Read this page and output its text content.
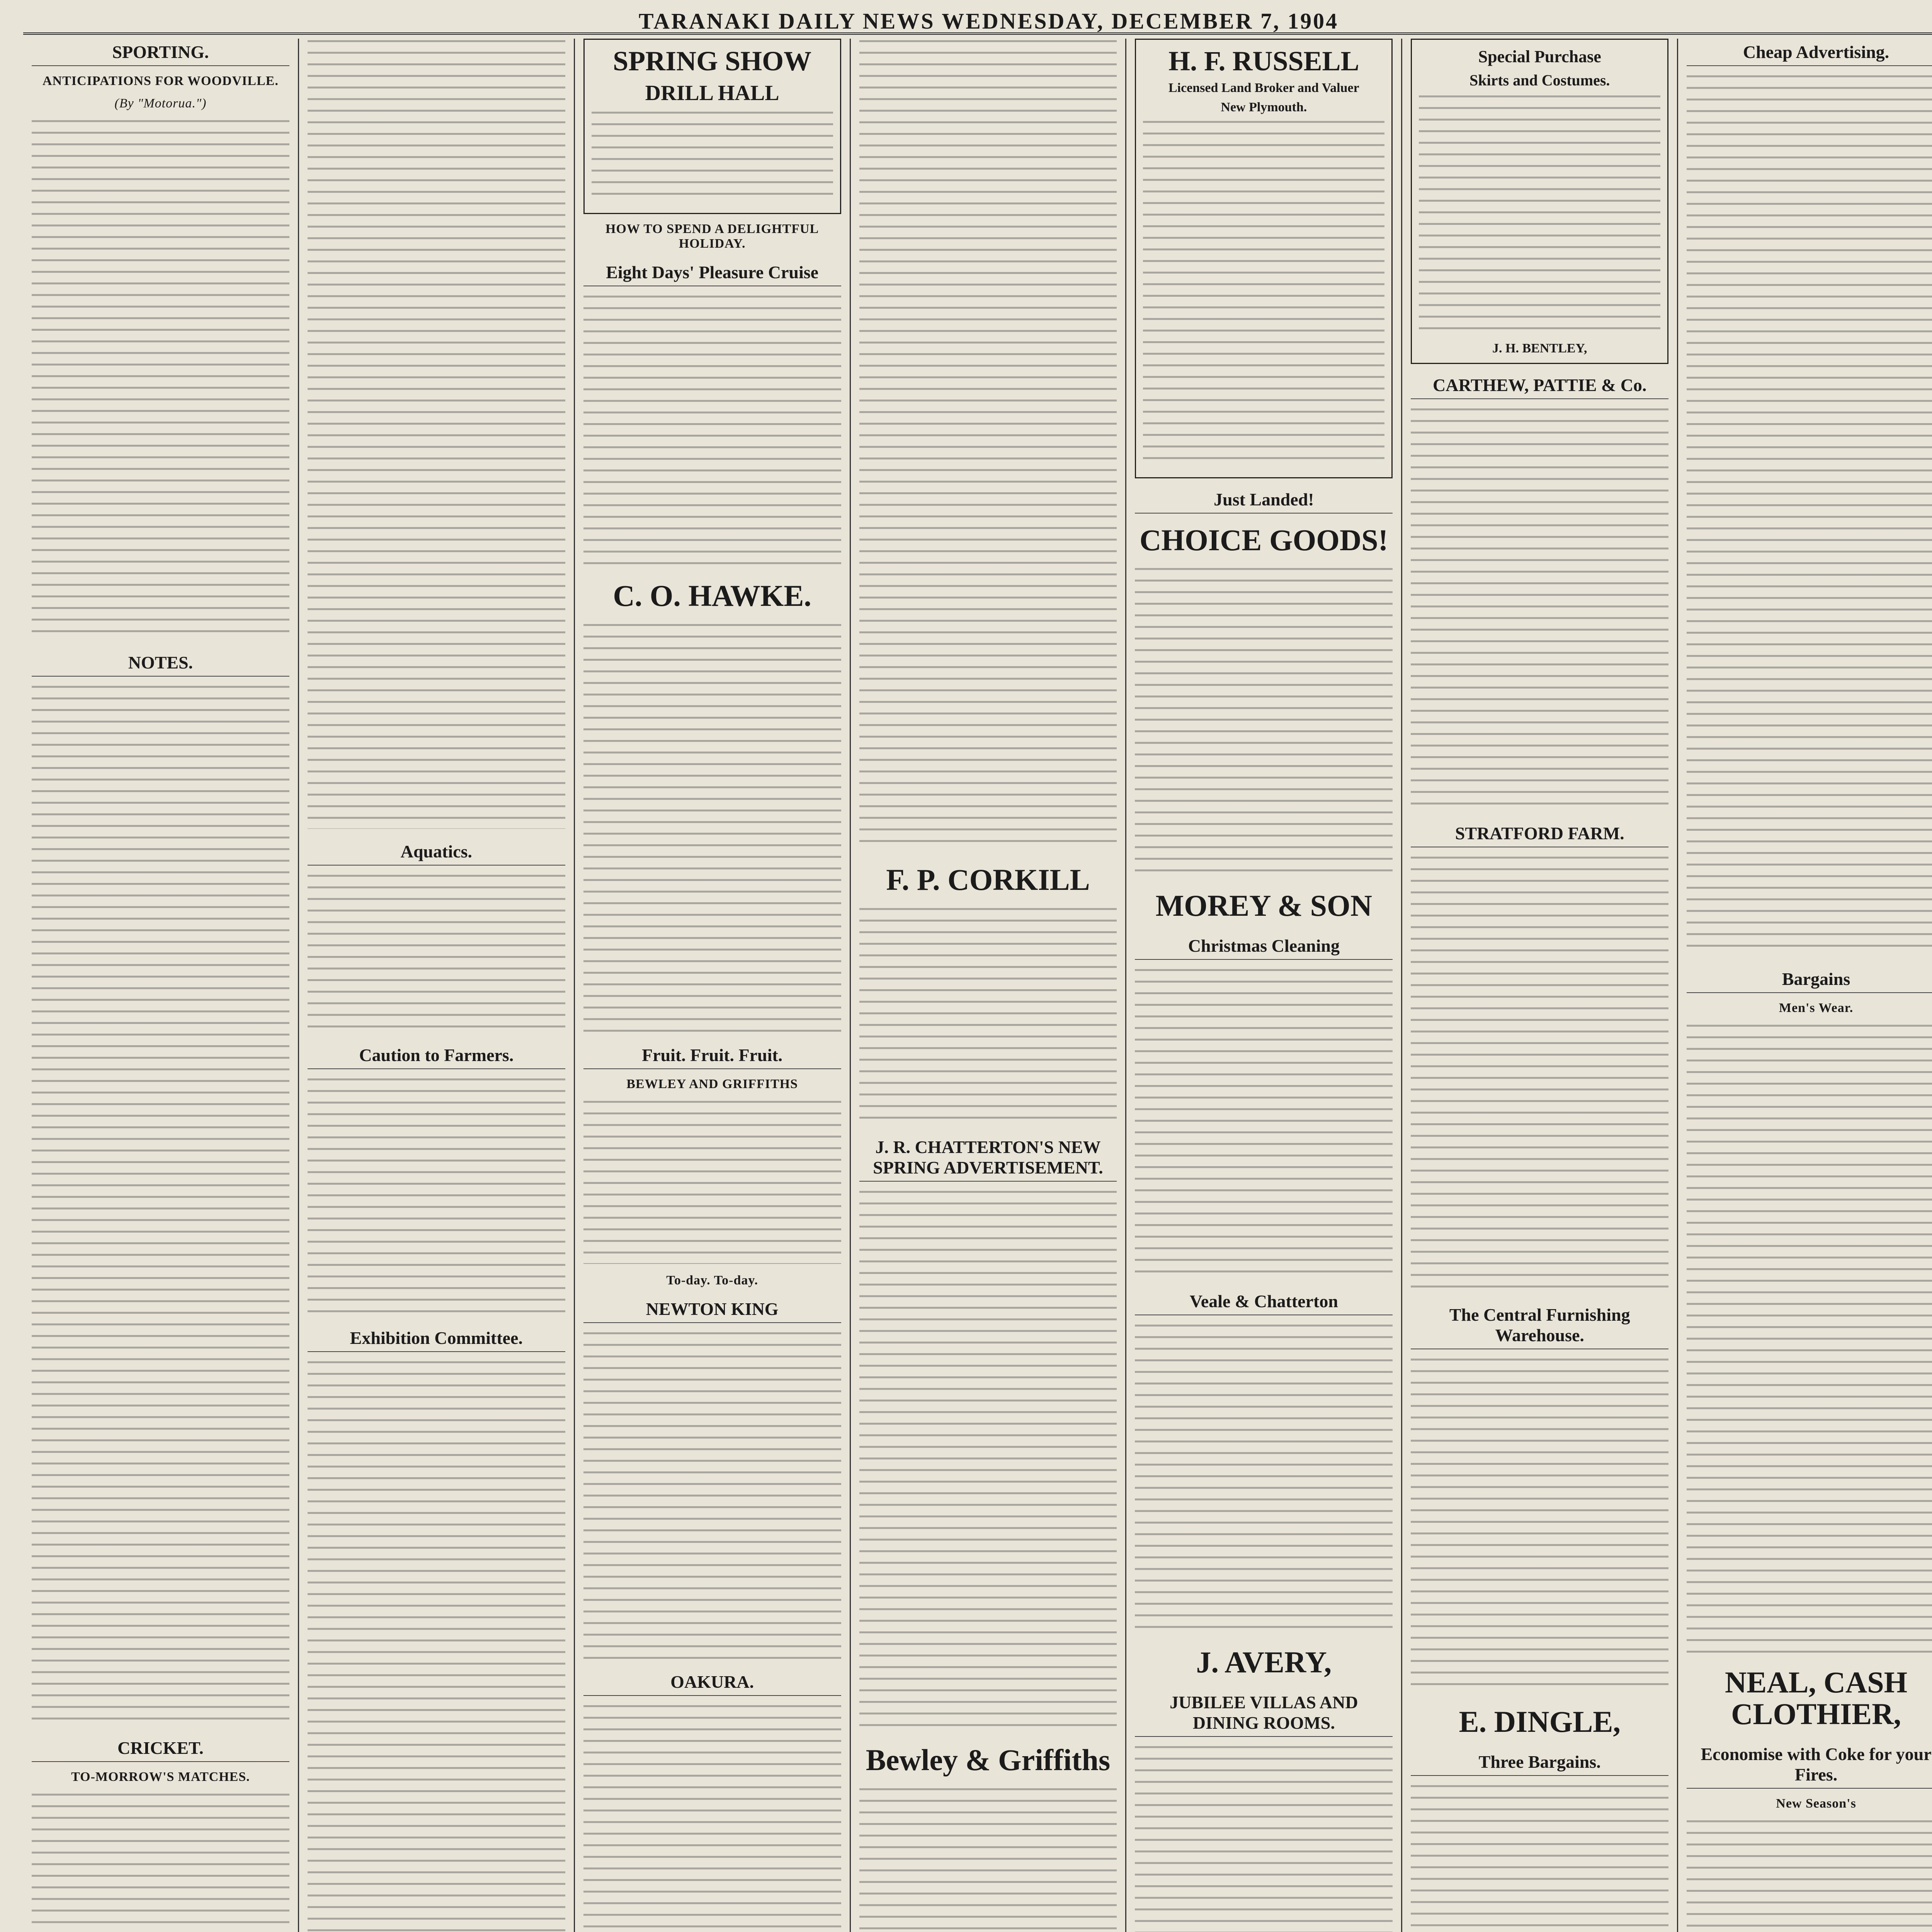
TARANAKI DAILY NEWS WEDNESDAY, DECEMBER 7, 1904
SPORTING.
ANTICIPATIONS FOR WOODVILLE.
(By "Motorua.")
NOTES.
CRICKET.
TO-MORROW'S MATCHES.
Aquatics.
Caution to Farmers.
Exhibition Committee.
SPRING SHOW
DRILL HALL
HOW TO SPEND A DELIGHTFUL HOLIDAY.
Eight Days' Pleasure Cruise
C. O. HAWKE.
Fruit. Fruit. Fruit.
BEWLEY AND GRIFFITHS
To-day. To-day.
NEWTON KING
OAKURA.
F. P. CORKILL
J. R. CHATTERTON'S NEW SPRING ADVERTISEMENT.
Bewley & Griffiths
H. F. RUSSELL
Licensed Land Broker and Valuer
New Plymouth.
Just Landed!
CHOICE GOODS!
MOREY & SON
Christmas Cleaning
Veale & Chatterton
J. AVERY,
JUBILEE VILLAS AND DINING ROOMS.
Special Purchase
Skirts and Costumes.
J. H. BENTLEY,
CARTHEW, PATTIE & Co.
STRATFORD FARM.
The Central Furnishing Warehouse.
E. DINGLE,
Three Bargains.
Cheap Advertising.
Bargains
Men's Wear.
NEAL, CASH CLOTHIER,
Economise with Coke for your Fires.
New Season's
